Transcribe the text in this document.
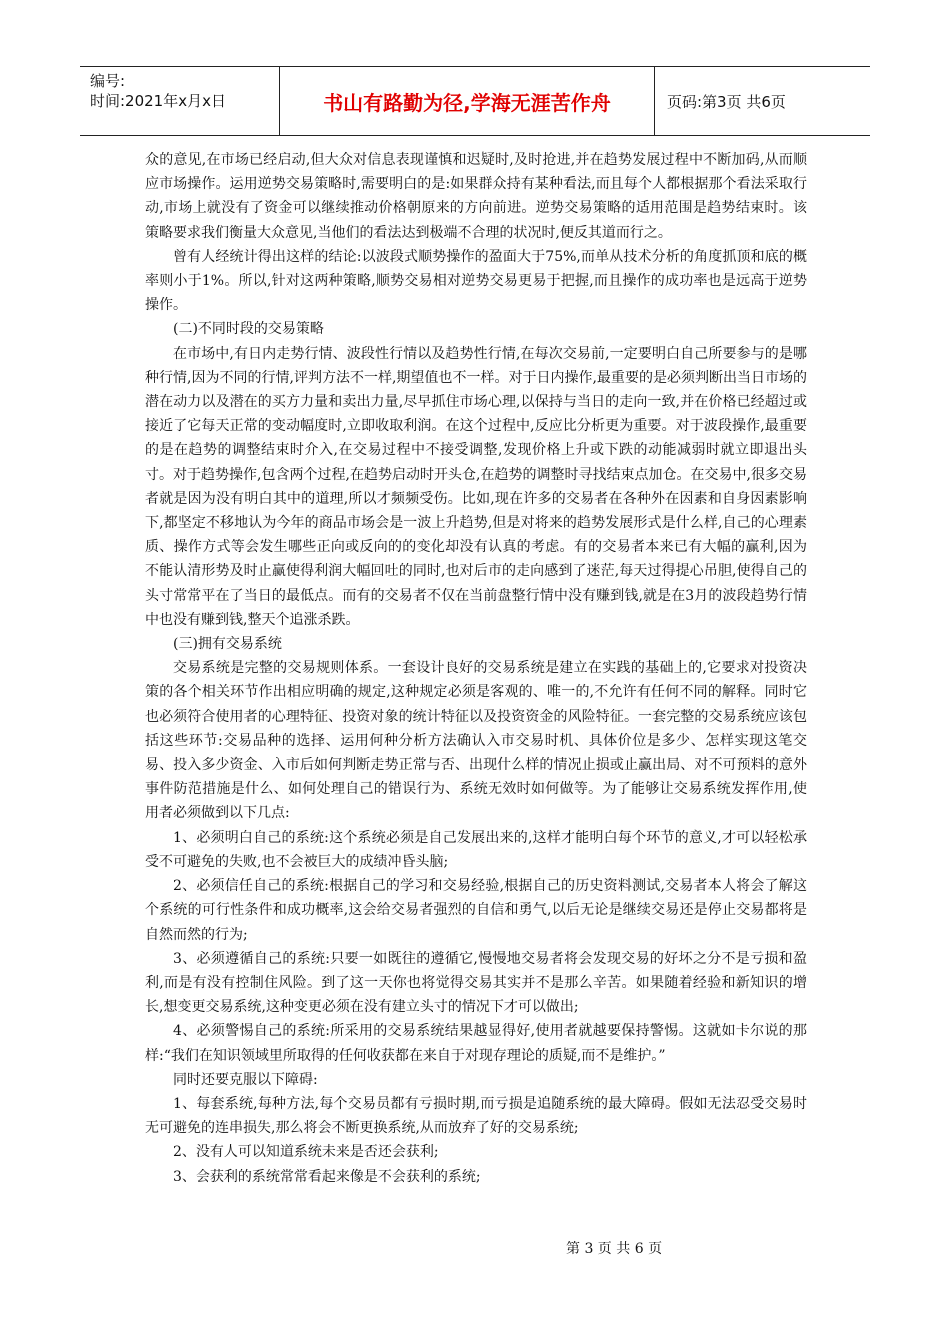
编号:
时间:2021年x月x日	书山有路勤为径,学海无涯苦作舟	页码:第3页 共6页

众的意见,在市场已经启动,但大众对信息表现谨慎和迟疑时,及时抢进,并在趋势发展过程中不断加码,从而顺应市场操作。运用逆势交易策略时,需要明白的是:如果群众持有某种看法,而且每个人都根据那个看法采取行动,市场上就没有了资金可以继续推动价格朝原来的方向前进。逆势交易策略的适用范围是趋势结束时。该策略要求我们衡量大众意见,当他们的看法达到极端不合理的状况时,便反其道而行之。

曾有人经统计得出这样的结论:以波段式顺势操作的盈面大于75%,而单从技术分析的角度抓顶和底的概率则小于1%。所以,针对这两种策略,顺势交易相对逆势交易更易于把握,而且操作的成功率也是远高于逆势操作。

(二)不同时段的交易策略

在市场中,有日内走势行情、波段性行情以及趋势性行情,在每次交易前,一定要明白自己所要参与的是哪种行情,因为不同的行情,评判方法不一样,期望值也不一样。对于日内操作,最重要的是必须判断出当日市场的潜在动力以及潜在的买方力量和卖出力量,尽早抓住市场心理,以保持与当日的走向一致,并在价格已经超过或接近了它每天正常的变动幅度时,立即收取利润。在这个过程中,反应比分析更为重要。对于波段操作,最重要的是在趋势的调整结束时介入,在交易过程中不接受调整,发现价格上升或下跌的动能减弱时就立即退出头寸。对于趋势操作,包含两个过程,在趋势启动时开头仓,在趋势的调整时寻找结束点加仓。在交易中,很多交易者就是因为没有明白其中的道理,所以才频频受伤。比如,现在许多的交易者在各种外在因素和自身因素影响下,都坚定不移地认为今年的商品市场会是一波上升趋势,但是对将来的趋势发展形式是什么样,自己的心理素质、操作方式等会发生哪些正向或反向的的变化却没有认真的考虑。有的交易者本来已有大幅的赢利,因为不能认清形势及时止赢使得利润大幅回吐的同时,也对后市的走向感到了迷茫,每天过得提心吊胆,使得自己的头寸常常平在了当日的最低点。而有的交易者不仅在当前盘整行情中没有赚到钱,就是在3月的波段趋势行情中也没有赚到钱,整天个追涨杀跌。

(三)拥有交易系统

交易系统是完整的交易规则体系。一套设计良好的交易系统是建立在实践的基础上的,它要求对投资决策的各个相关环节作出相应明确的规定,这种规定必须是客观的、唯一的,不允许有任何不同的解释。同时它也必须符合使用者的心理特征、投资对象的统计特征以及投资资金的风险特征。一套完整的交易系统应该包括这些环节:交易品种的选择、运用何种分析方法确认入市交易时机、具体价位是多少、怎样实现这笔交易、投入多少资金、入市后如何判断走势正常与否、出现什么样的情况止损或止赢出局、对不可预料的意外事件防范措施是什么、如何处理自己的错误行为、系统无效时如何做等。为了能够让交易系统发挥作用,使用者必须做到以下几点:

1、必须明白自己的系统:这个系统必须是自己发展出来的,这样才能明白每个环节的意义,才可以轻松承受不可避免的失败,也不会被巨大的成绩冲昏头脑;

2、必须信任自己的系统:根据自己的学习和交易经验,根据自己的历史资料测试,交易者本人将会了解这个系统的可行性条件和成功概率,这会给交易者强烈的自信和勇气,以后无论是继续交易还是停止交易都将是自然而然的行为;

3、必须遵循自己的系统:只要一如既往的遵循它,慢慢地交易者将会发现交易的好坏之分不是亏损和盈利,而是有没有控制住风险。到了这一天你也将觉得交易其实并不是那么辛苦。如果随着经验和新知识的增长,想变更交易系统,这种变更必须在没有建立头寸的情况下才可以做出;

4、必须警惕自己的系统:所采用的交易系统结果越显得好,使用者就越要保持警惕。这就如卡尔说的那样:“我们在知识领域里所取得的任何收获都在来自于对现存理论的质疑,而不是维护。”

同时还要克服以下障碍:

1、每套系统,每种方法,每个交易员都有亏损时期,而亏损是追随系统的最大障碍。假如无法忍受交易时无可避免的连串损失,那么将会不断更换系统,从而放弃了好的交易系统;

2、没有人可以知道系统未来是否还会获利;

3、会获利的系统常常看起来像是不会获利的系统;

第 3 页 共 6 页
